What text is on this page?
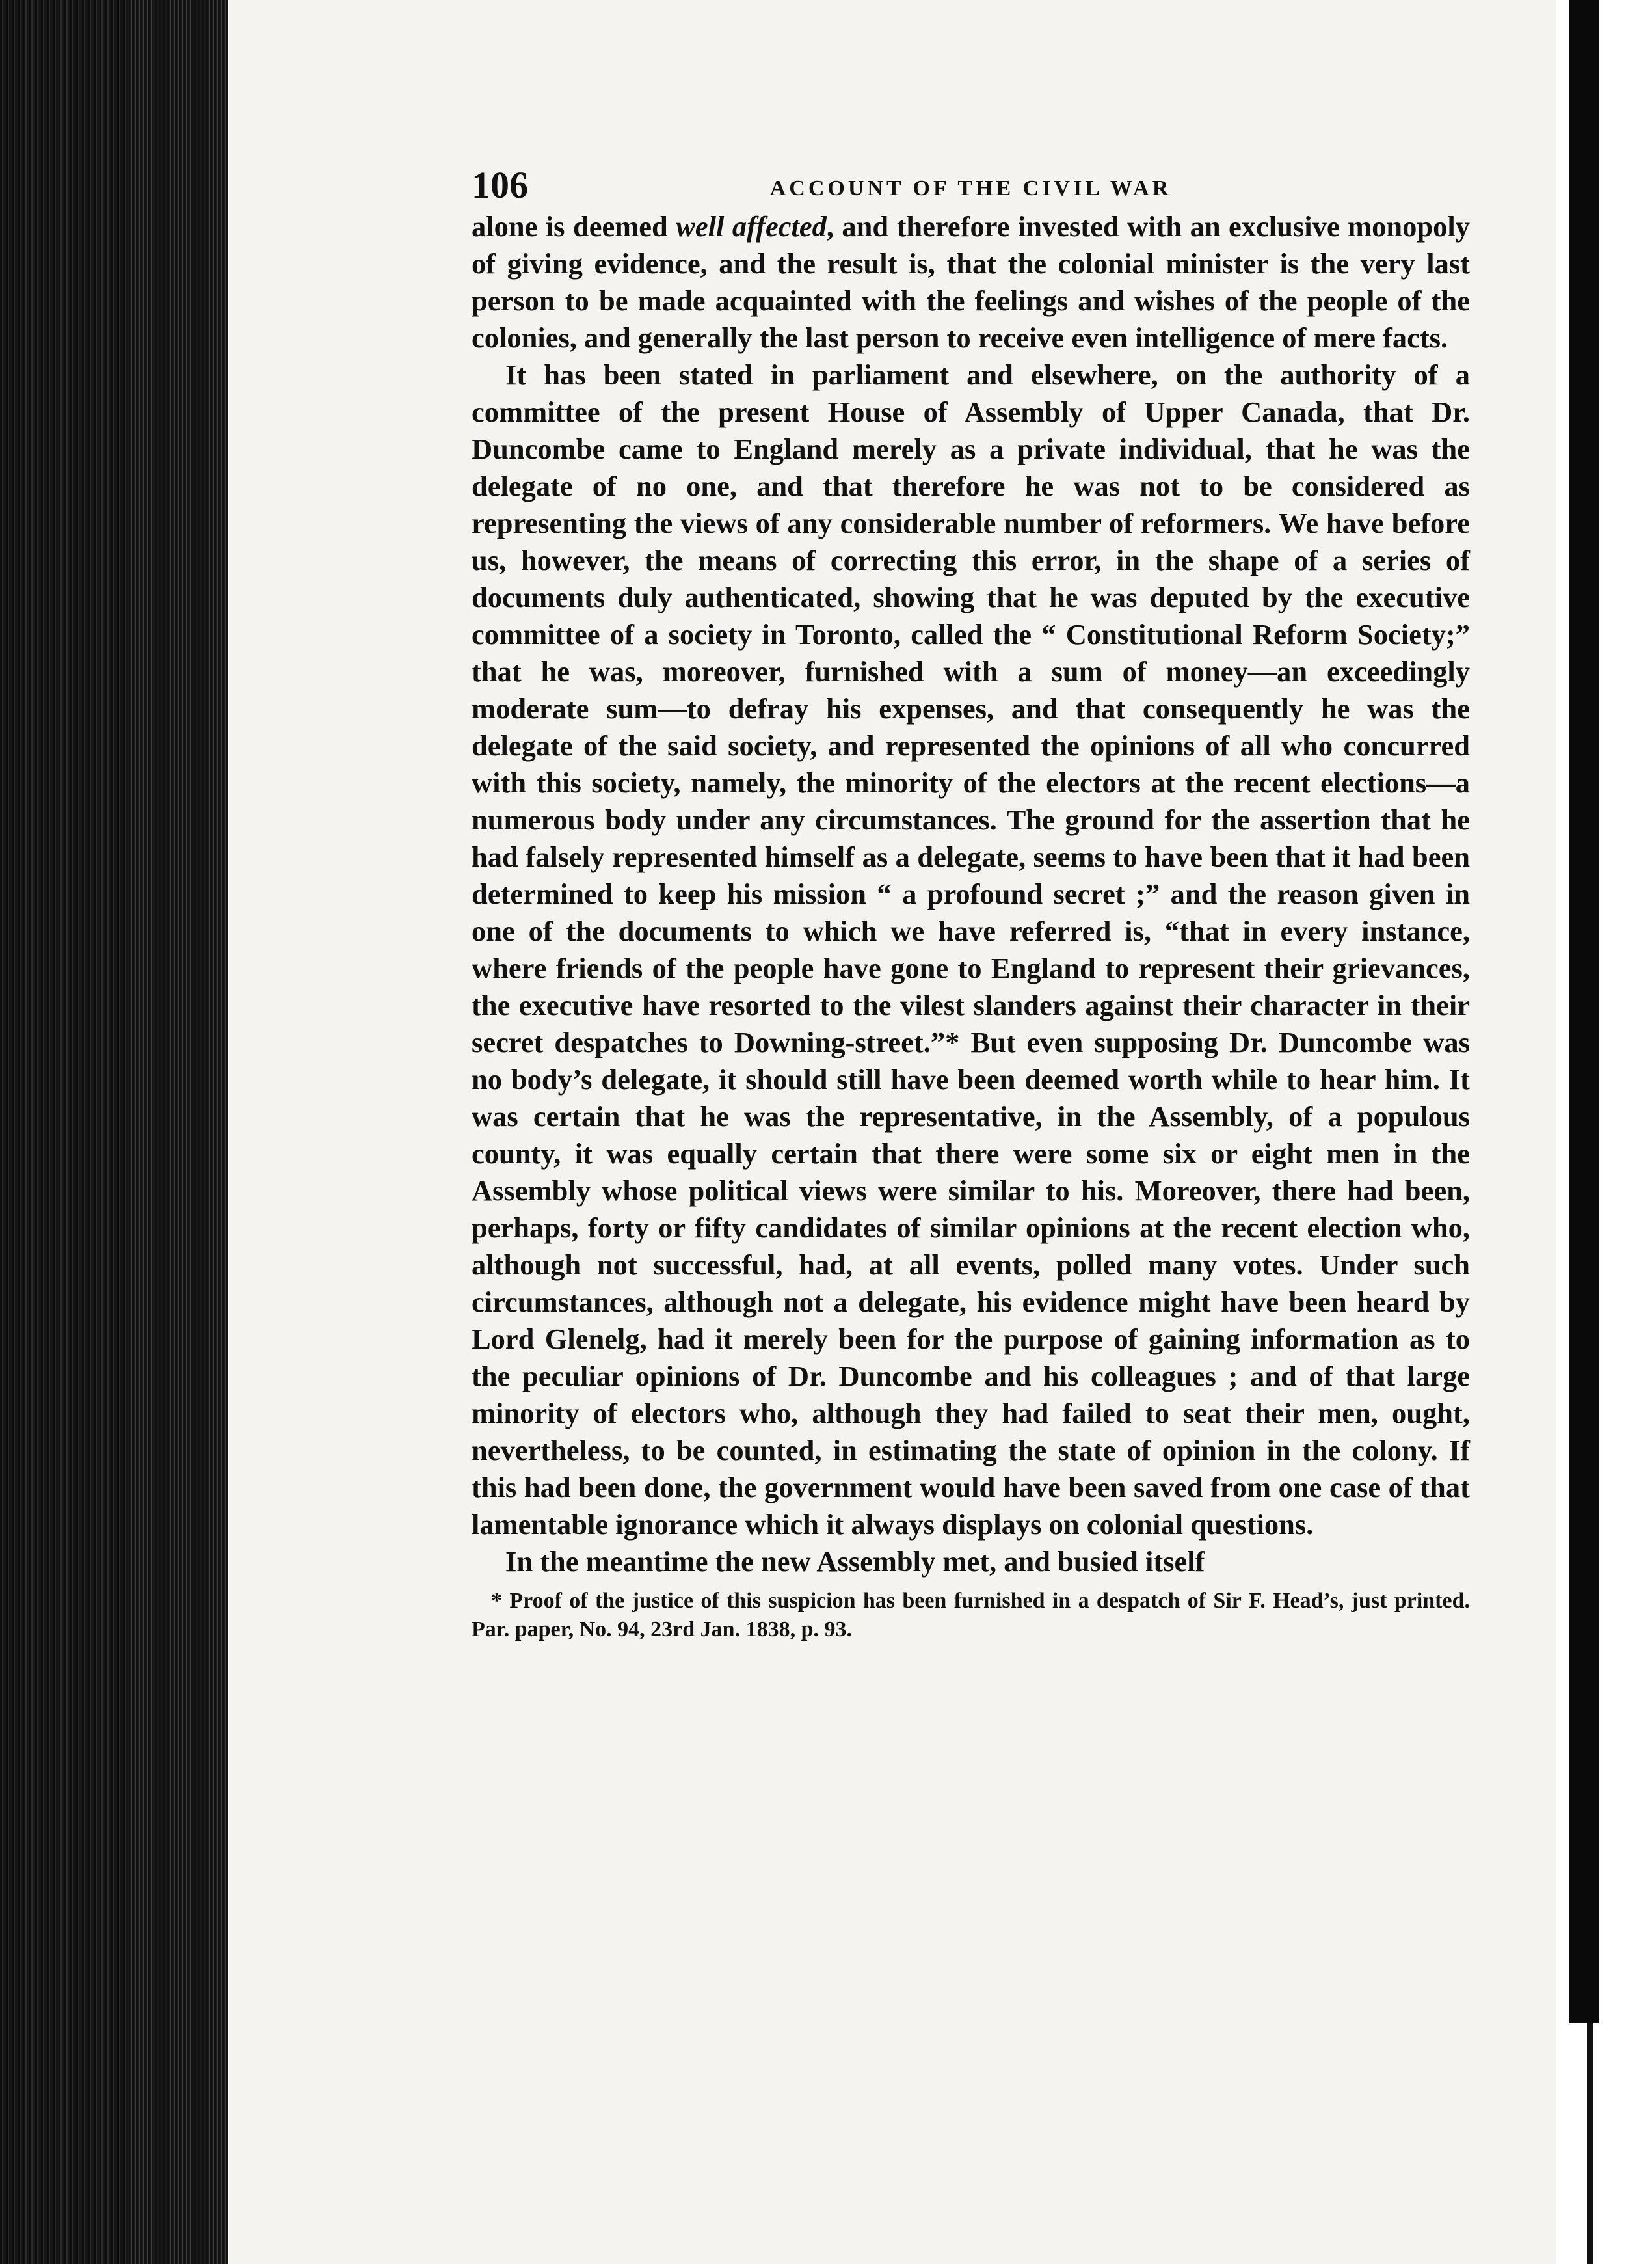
106	ACCOUNT OF THE CIVIL WAR

alone is deemed well affected, and therefore invested with an exclusive monopoly of giving evidence, and the result is, that the colonial minister is the very last person to be made acquainted with the feelings and wishes of the people of the colonies, and generally the last person to receive even intelligence of mere facts.

It has been stated in parliament and elsewhere, on the authority of a committee of the present House of Assembly of Upper Canada, that Dr. Duncombe came to England merely as a private individual, that he was the delegate of no one, and that therefore he was not to be considered as representing the views of any considerable number of reformers. We have before us, however, the means of correcting this error, in the shape of a series of documents duly authenticated, showing that he was deputed by the executive committee of a society in Toronto, called the “ Constitutional Reform Society;” that he was, moreover, furnished with a sum of money—an exceedingly moderate sum—to defray his expenses, and that consequently he was the delegate of the said society, and represented the opinions of all who concurred with this society, namely, the minority of the electors at the recent elections—a numerous body under any circumstances. The ground for the assertion that he had falsely represented himself as a delegate, seems to have been that it had been determined to keep his mission “ a profound secret ;” and the reason given in one of the documents to which we have referred is, “that in every instance, where friends of the people have gone to England to represent their grievances, the executive have resorted to the vilest slanders against their character in their secret despatches to Downing-street.”* But even supposing Dr. Duncombe was no body’s delegate, it should still have been deemed worth while to hear him. It was certain that he was the representative, in the Assembly, of a populous county, it was equally certain that there were some six or eight men in the Assembly whose political views were similar to his. Moreover, there had been, perhaps, forty or fifty candidates of similar opinions at the recent election who, although not successful, had, at all events, polled many votes. Under such circumstances, although not a delegate, his evidence might have been heard by Lord Glenelg, had it merely been for the purpose of gaining information as to the peculiar opinions of Dr. Duncombe and his colleagues ; and of that large minority of electors who, although they had failed to seat their men, ought, nevertheless, to be counted, in estimating the state of opinion in the colony. If this had been done, the government would have been saved from one case of that lamentable ignorance which it always displays on colonial questions.

In the meantime the new Assembly met, and busied itself

* Proof of the justice of this suspicion has been furnished in a despatch of Sir F. Head’s, just printed. Par. paper, No. 94, 23rd Jan. 1838, p. 93.
